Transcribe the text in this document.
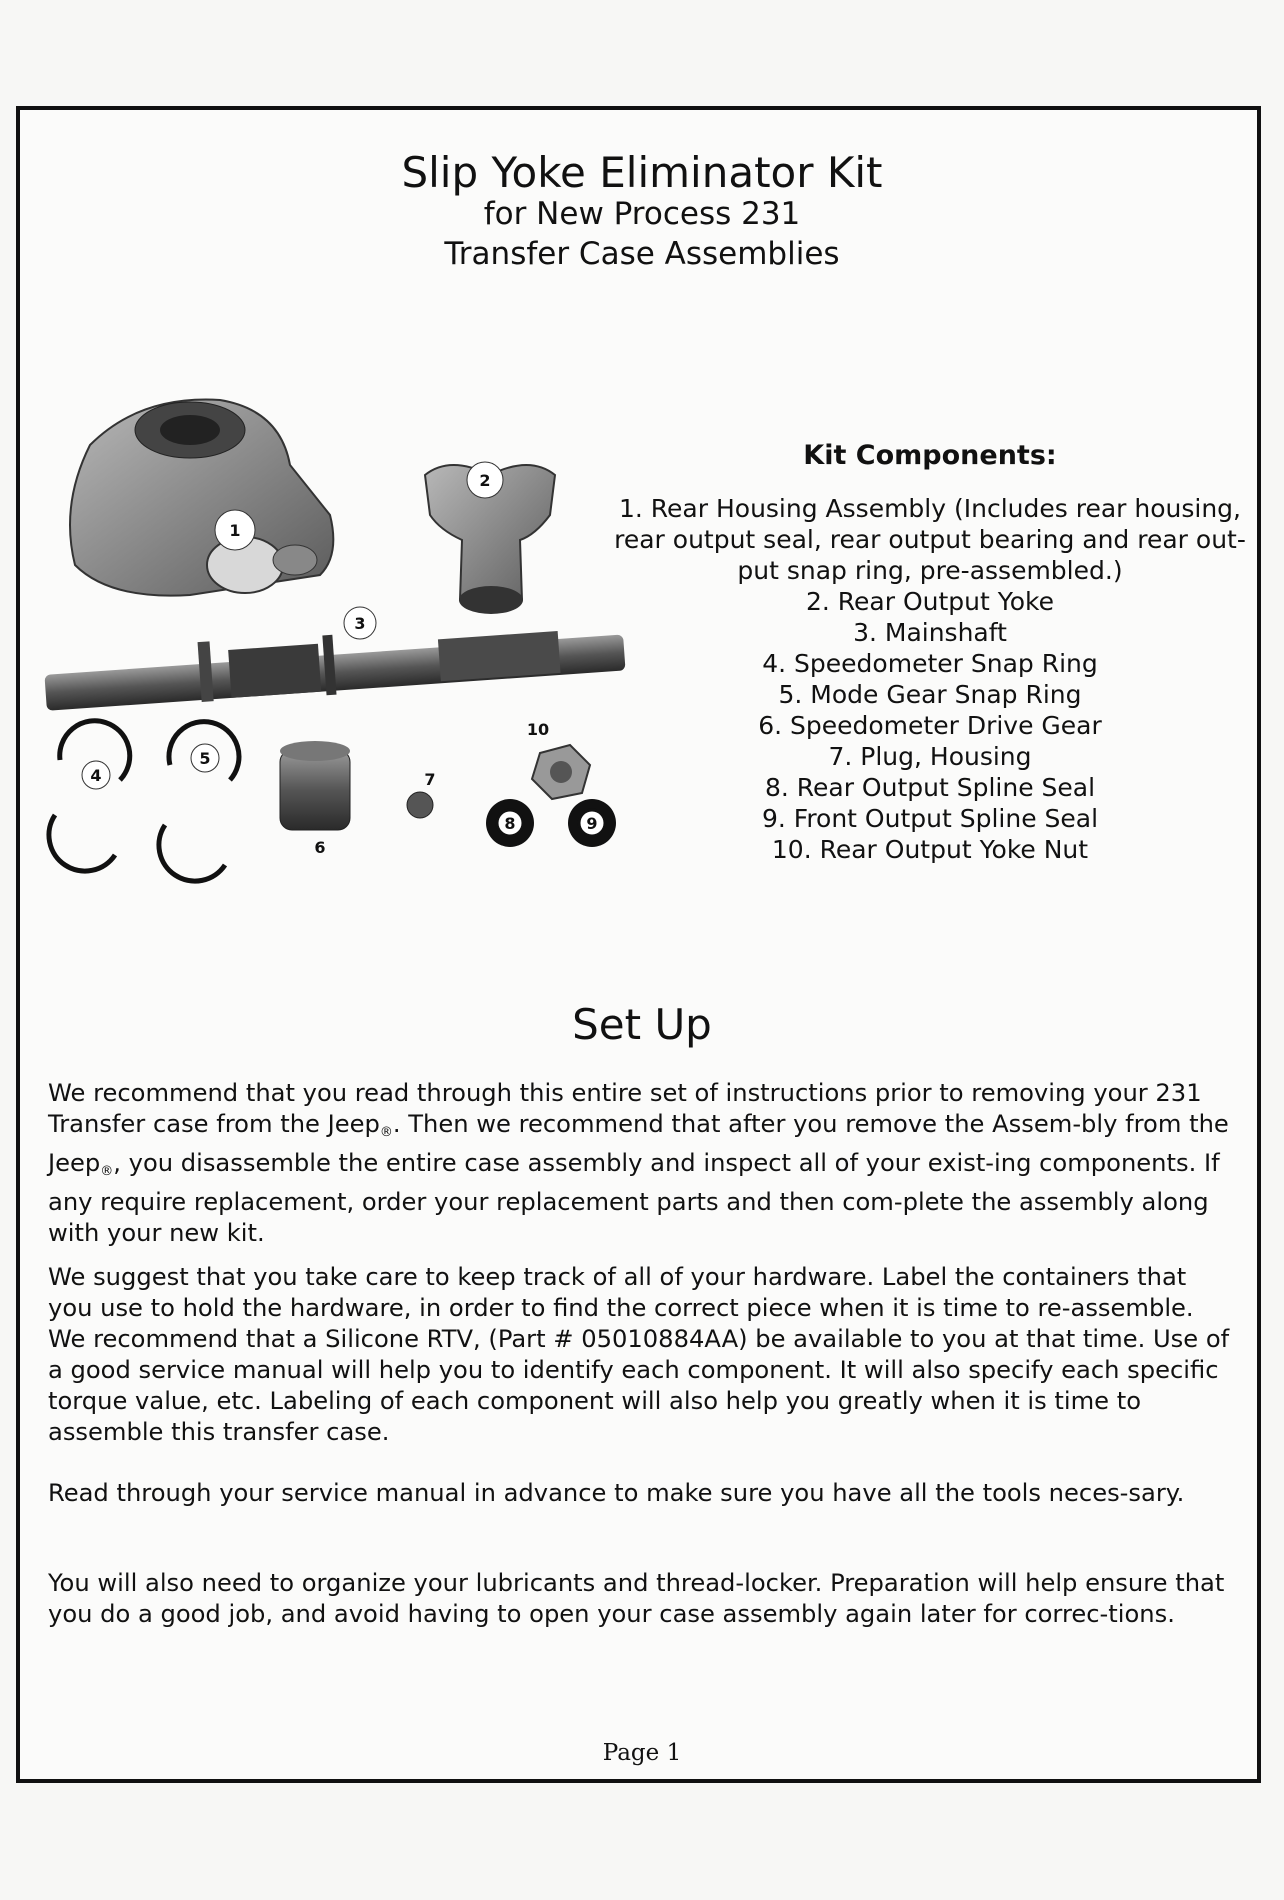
Slip Yoke Eliminator Kit
for New Process 231
Transfer Case Assemblies
1
2
3
4
5
6
7
8	9
10
Kit Components:
1. Rear Housing Assembly (Includes rear housing,
rear output seal, rear output bearing and rear out-
put snap ring, pre-assembled.)
2. Rear Output Yoke
3. Mainshaft
4. Speedometer Snap Ring
5. Mode Gear Snap Ring
6. Speedometer Drive Gear
7. Plug, Housing
8. Rear Output Spline Seal
9. Front Output Spline Seal
10. Rear Output Yoke Nut
Set Up

We recommend that you read through this entire set of instructions prior to removing your 231 Transfer case from the Jeep$_®$. Then we recommend that after you remove the Assem-bly from the Jeep$_®$, you disassemble the entire case assembly and inspect all of your exist-ing components. If any require replacement, order your replacement parts and then com-plete the assembly along with your new kit.

We suggest that you take care to keep track of all of your hardware. Label the containers that you use to hold the hardware, in order to find the correct piece when it is time to re-assemble. We recommend that a Silicone RTV, (Part # 05010884AA) be available to you at that time. Use of a good service manual will help you to identify each component. It will also specify each specific torque value, etc. Labeling of each component will also help you greatly when it is time to assemble this transfer case.

Read through your service manual in advance to make sure you have all the tools neces-sary.

You will also need to organize your lubricants and thread-locker. Preparation will help ensure that you do a good job, and avoid having to open your case assembly again later for correc-tions.

Page 1
